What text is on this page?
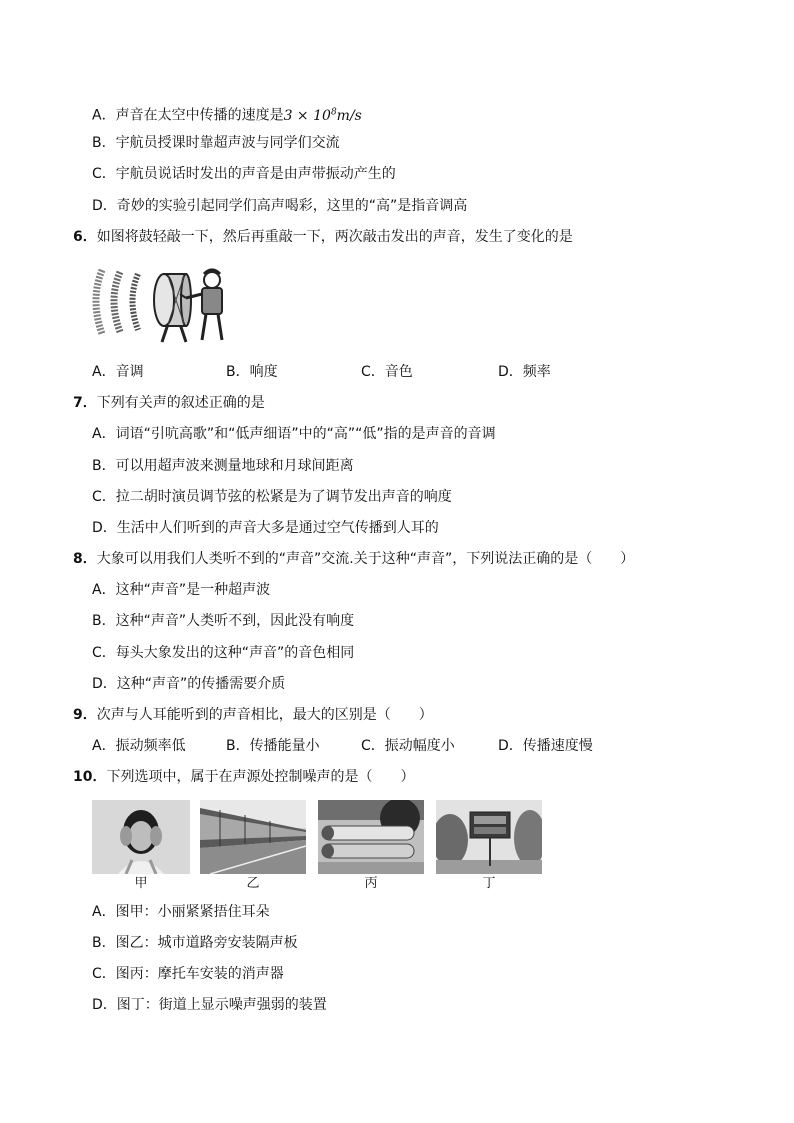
A．声音在太空中传播的速度是$3 \times 10^8m/s$
B．宇航员授课时靠超声波与同学们交流
C．宇航员说话时发出的声音是由声带振动产生的
D．奇妙的实验引起同学们高声喝彩，这里的“高”是指音调高
6．如图将鼓轻敲一下，然后再重敲一下，两次敲击发出的声音，发生了变化的是
A．音调	B．响度	C．音色	D．频率
7．下列有关声的叙述正确的是
A．词语“引吭高歌”和“低声细语”中的“高”“低”指的是声音的音调
B．可以用超声波来测量地球和月球间距离
C．拉二胡时演员调节弦的松紧是为了调节发出声音的响度
D．生活中人们听到的声音大多是通过空气传播到人耳的
8．大象可以用我们人类听不到的“声音”交流.关于这种“声音”，下列说法正确的是（　　）
A．这种“声音”是一种超声波
B．这种“声音”人类听不到，因此没有响度
C．每头大象发出的这种“声音”的音色相同
D．这种“声音”的传播需要介质
9．次声与人耳能听到的声音相比，最大的区别是（　　）
A．振动频率低	B．传播能量小	C．振动幅度小	D．传播速度慢
10．下列选项中，属于在声源处控制噪声的是（　　）
甲	乙	丙	丁
A．图甲：小丽紧紧捂住耳朵
B．图乙：城市道路旁安装隔声板
C．图丙：摩托车安装的消声器
D．图丁：街道上显示噪声强弱的装置
